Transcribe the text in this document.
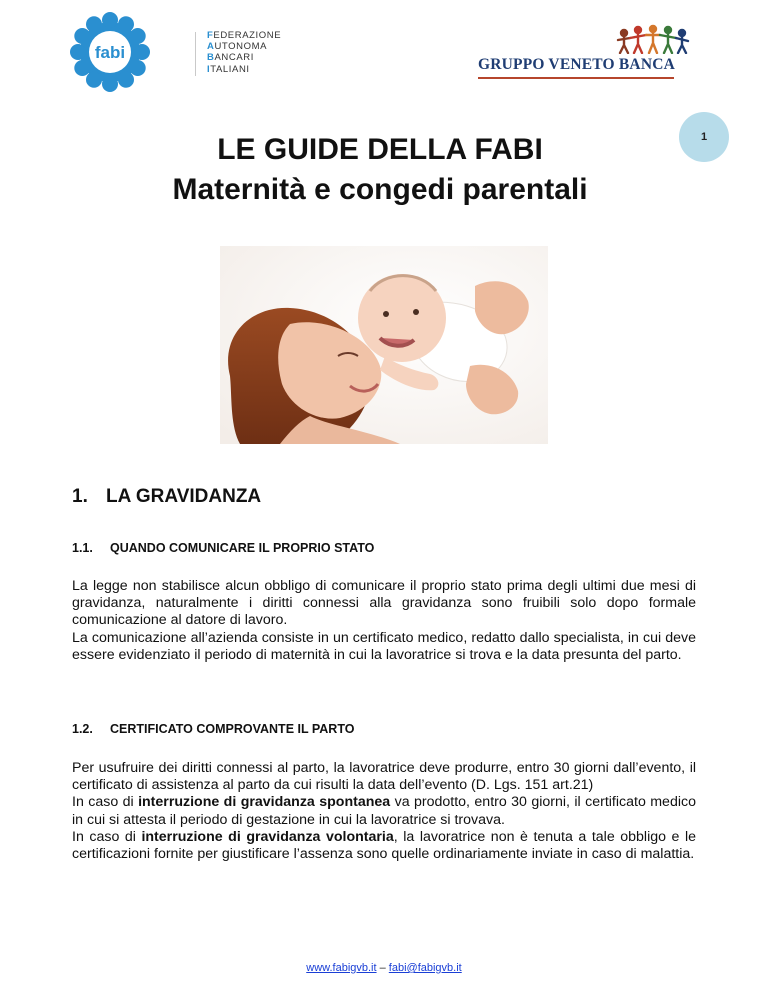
fabi
FEDERAZIONE
AUTONOMA
BANCARI
ITALIANI	GRUPPO VENETO BANCA
1
LE GUIDE DELLA FABI
Maternità e congedi parentali
1. LA GRAVIDANZA
1.1. QUANDO COMUNICARE IL PROPRIO STATO

La legge non stabilisce alcun obbligo di comunicare il proprio stato prima degli ultimi due mesi di gravidanza, naturalmente i diritti connessi alla gravidanza sono fruibili solo dopo formale comunicazione al datore di lavoro.

La comunicazione all’azienda consiste in un certificato medico, redatto dallo specialista, in cui deve essere evidenziato il periodo di maternità in cui la lavoratrice si trova e la data presunta del parto.

1.2. CERTIFICATO COMPROVANTE IL PARTO

Per usufruire dei diritti connessi al parto, la lavoratrice deve produrre, entro 30 giorni dall’evento, il certificato di assistenza al parto da cui risulti la data dell’evento (D. Lgs. 151 art.21)

In caso di interruzione di gravidanza spontanea va prodotto, entro 30 giorni, il certificato medico in cui si attesta il periodo di gestazione in cui la lavoratrice si trovava.

In caso di interruzione di gravidanza volontaria, la lavoratrice non è tenuta a tale obbligo e le certificazioni fornite per giustificare l’assenza sono quelle ordinariamente inviate in caso di malattia.

www.fabigvb.it – fabi@fabigvb.it
